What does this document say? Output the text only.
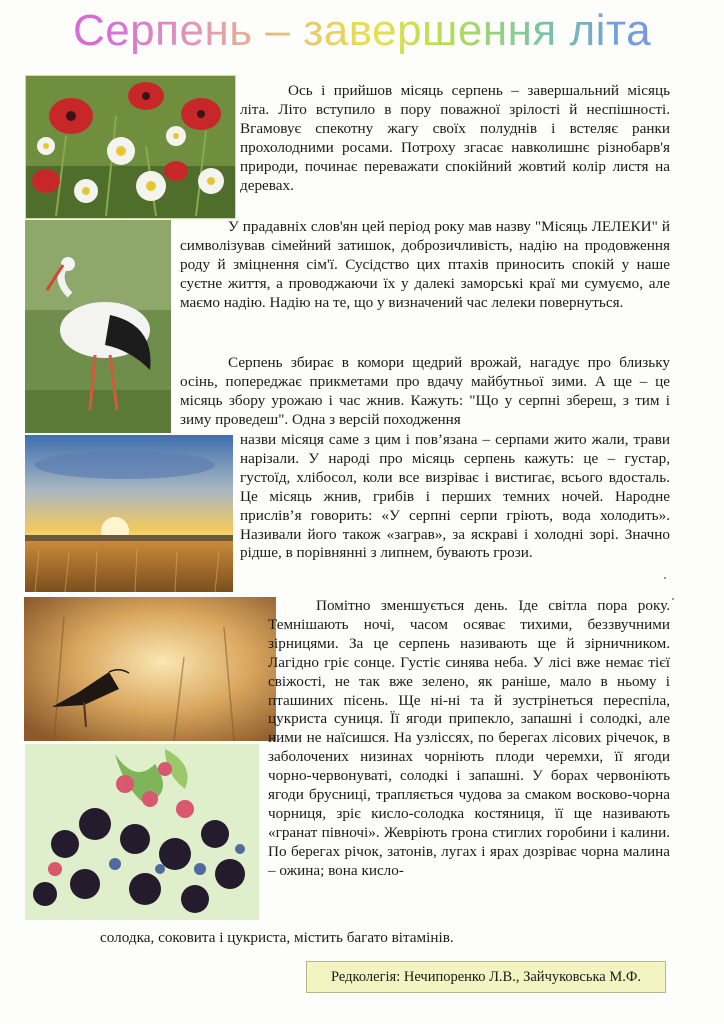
Серпень – завершення літа

Ось і прийшов місяць серпень – завершальний місяць літа. Літо вступило в пору поважної зрілості й неспішності. Вгамовує спекотну жагу своїх полуднів і встеляє ранки прохолодними росами. Потроху згасає навколишнє різнобарв'я природи, починає переважати спокійний жовтий колір листя на деревах.

У прадавніх слов'ян цей період року мав назву "Місяць ЛЕЛЕКИ" й символізував сімейний затишок, доброзичливість, надію на продовження роду й зміцнення сім'ї. Сусідство цих птахів приносить спокій у наше суєтне життя, а проводжаючи їх у далекі заморські краї ми сумуємо, але маємо надію. Надію на те, що у визначений час лелеки повернуться.

Серпень збирає в комори щедрий врожай, нагадує про близьку осінь, попереджає прикметами про вдачу майбутньої зими. А ще – це місяць збору урожаю і час жнив. Кажуть: "Що у серпні збереш, з тим і зиму проведеш". Одна з версій походження

назви місяця саме з цим і пов’язана – серпами жито жали, трави нарізали. У народі про місяць серпень кажуть: це – густар, густоїд, хлібосол, коли все визріває і вистигає, всього вдосталь. Це місяць жнив, грибів і перших темних ночей. Народне прислів’я говорить: «У серпні серпи гріють, вода холодить». Називали його також «заграв», за яскраві і холодні зорі. Значно рідше, в порівнянні з липнем, бувають грози.

Помітно зменшується день. Іде світла пора року. Темнішають ночі, часом осяває тихими, беззвучними зірницями. За це серпень називають ще й зірничником. Лагідно гріє сонце. Густіє синява неба. У лісі вже немає тієї свіжості, не так вже зелено, як раніше, мало в ньому і пташиних пісень. Ще ні-ні та й зустрінеться переспіла, цукриста суниця. Її ягоди припекло, запашні і солодкі, але ними не наїсишся. На узліссях, по берегах лісових річечок, в заболочених низинах чорніють плоди черемхи, її ягоди чорно-червонуваті, солодкі і запашні. У борах червоніють ягоди брусниці, трапляється чудова за смаком восково-чорна чорниця, зріє кисло-солодка костяниця, її ще називають «гранат півночі». Жевріють грона стиглих горобини і калини. По берегах річок, затонів, лугах і ярах дозріває чорна малина – ожина; вона кисло-

солодка, соковита і цукриста, містить багато вітамінів.

Редколегія: Нечипоренко Л.В., Зайчуковська М.Ф.
